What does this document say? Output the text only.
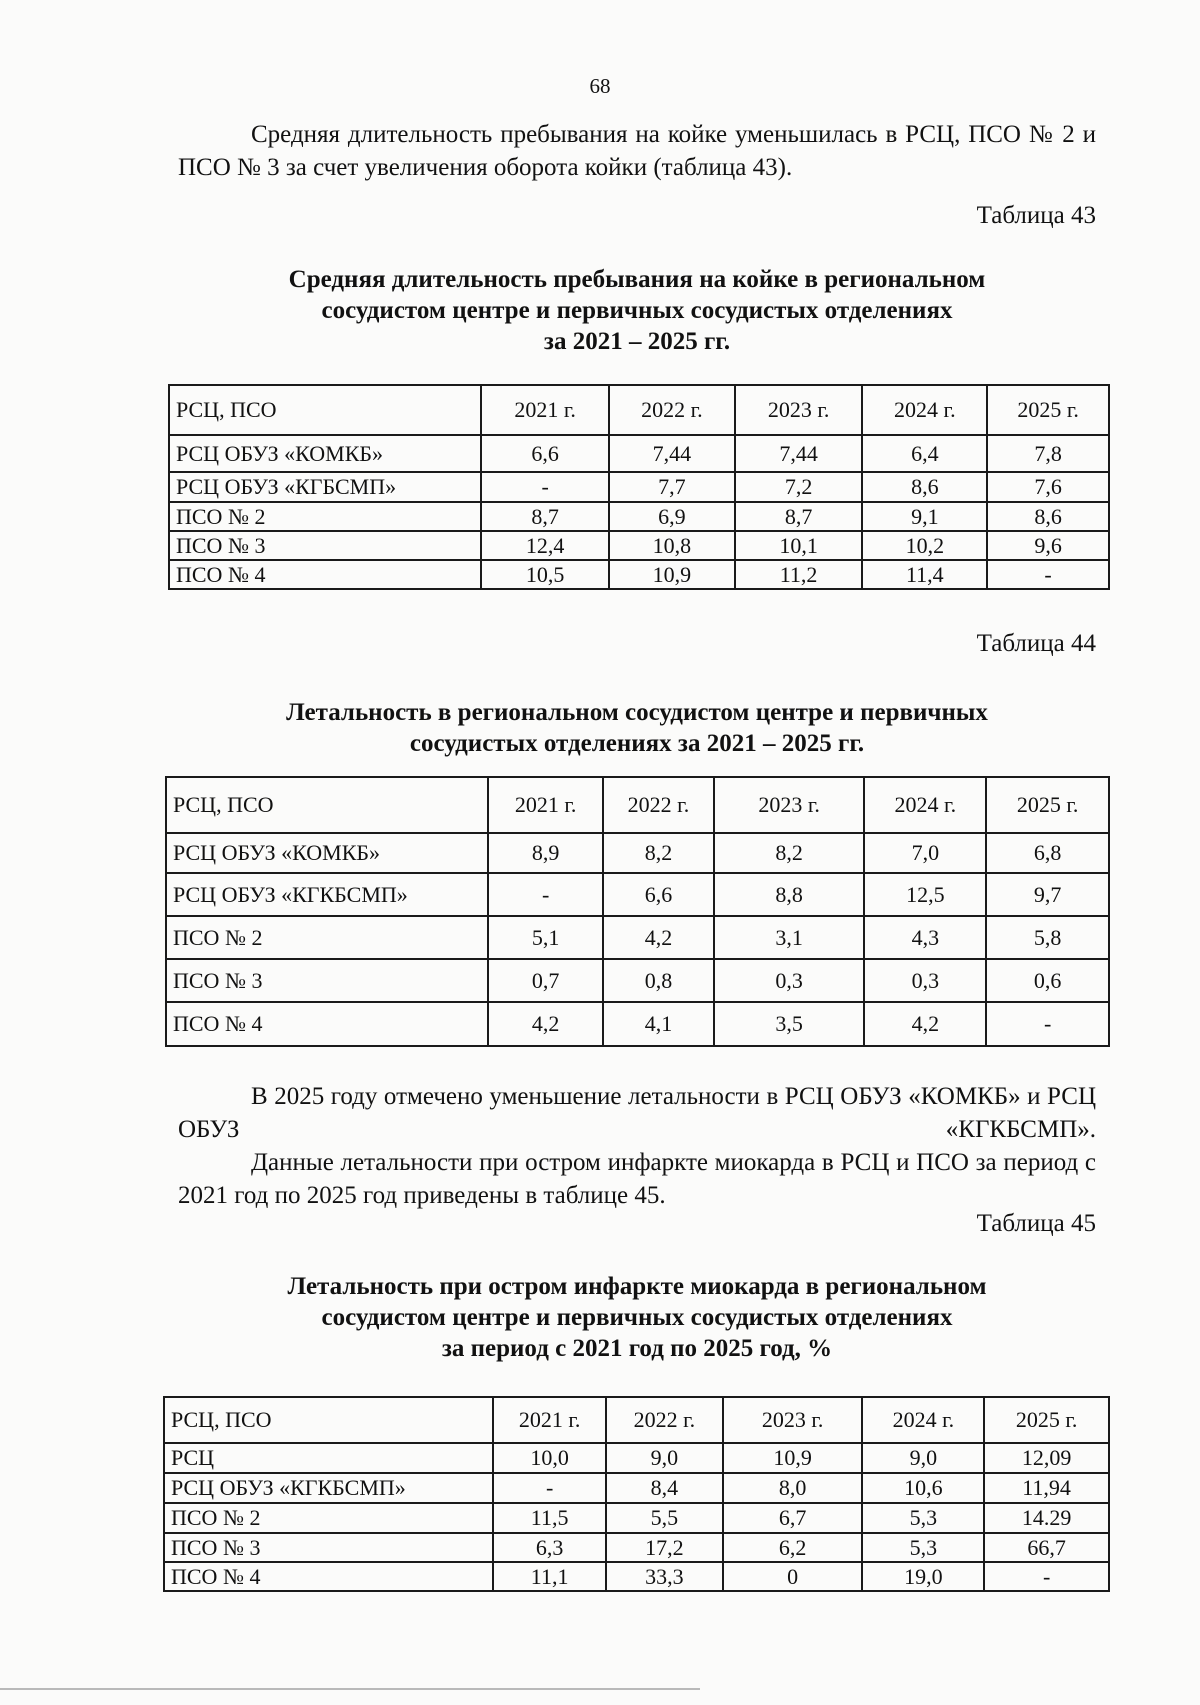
68

Средняя длительность пребывания на койке уменьшилась в РСЦ, ПСО № 2 и ПСО № 3 за счет увеличения оборота койки (таблица 43).

Таблица 43
Средняя длительность пребывания на койке в региональном
сосудистом центре и первичных сосудистых отделениях
за 2021 – 2025 гг.
РСЦ, ПСО	2021 г.	2022 г.	2023 г.	2024 г.	2025 г.
РСЦ ОБУЗ «КОМКБ»	6,6	7,44	7,44	6,4	7,8
РСЦ ОБУЗ «КГБСМП»	-	7,7	7,2	8,6	7,6
ПСО № 2	8,7	6,9	8,7	9,1	8,6
ПСО № 3	12,4	10,8	10,1	10,2	9,6
ПСО № 4	10,5	10,9	11,2	11,4	-
Таблица 44
Летальность в региональном сосудистом центре и первичных
сосудистых отделениях за 2021 – 2025 гг.
РСЦ, ПСО	2021 г.	2022 г.	2023 г.	2024 г.	2025 г.
РСЦ ОБУЗ «КОМКБ»	8,9	8,2	8,2	7,0	6,8
РСЦ ОБУЗ «КГКБСМП»	-	6,6	8,8	12,5	9,7
ПСО № 2	5,1	4,2	3,1	4,3	5,8
ПСО № 3	0,7	0,8	0,3	0,3	0,6
ПСО № 4	4,2	4,1	3,5	4,2	-

В 2025 году отмечено уменьшение летальности в РСЦ ОБУЗ «КОМКБ» и РСЦ ОБУЗ «КГКБСМП».

Данные летальности при остром инфаркте миокарда в РСЦ и ПСО за период с 2021 год по 2025 год приведены в таблице 45.

Таблица 45
Летальность при остром инфаркте миокарда в региональном
сосудистом центре и первичных сосудистых отделениях
за период с 2021 год по 2025 год, %
РСЦ, ПСО	2021 г.	2022 г.	2023 г.	2024 г.	2025 г.
РСЦ	10,0	9,0	10,9	9,0	12,09
РСЦ ОБУЗ «КГКБСМП»	-	8,4	8,0	10,6	11,94
ПСО № 2	11,5	5,5	6,7	5,3	14.29
ПСО № 3	6,3	17,2	6,2	5,3	66,7
ПСО № 4	11,1	33,3	0	19,0	-
